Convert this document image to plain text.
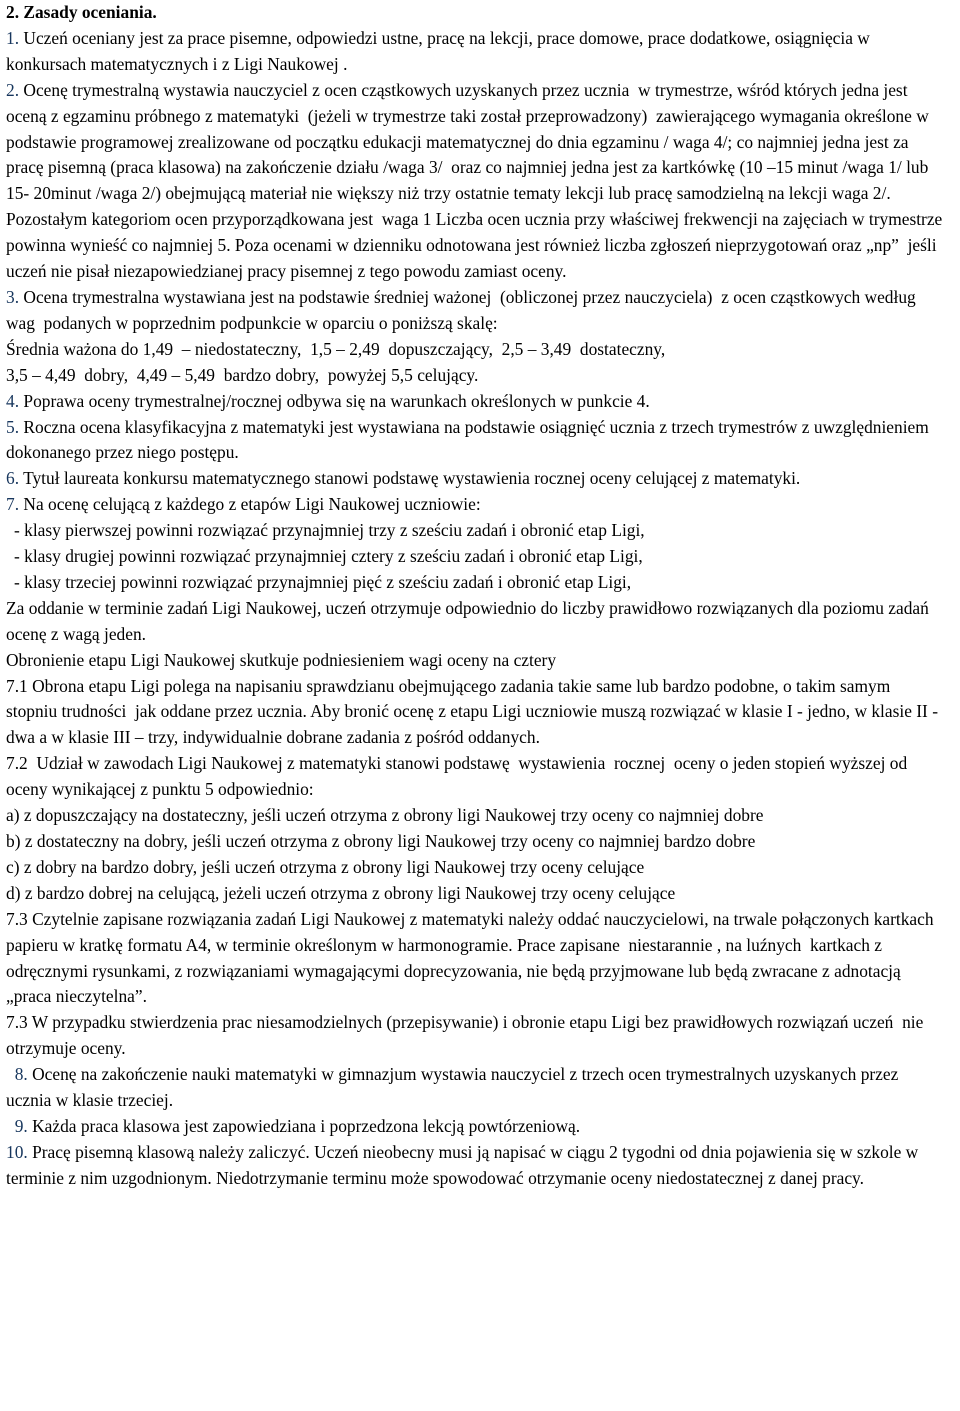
2. Zasady oceniania.

1. Uczeń oceniany jest za prace pisemne, odpowiedzi ustne, pracę na lekcji, prace domowe, prace dodatkowe, osiągnięcia w konkursach matematycznych i z Ligi Naukowej .

2. Ocenę trymestralną wystawia nauczyciel z ocen cząstkowych uzyskanych przez ucznia  w trymestrze, wśród których jedna jest oceną z egzaminu próbnego z matematyki  (jeżeli w trymestrze taki został przeprowadzony)  zawierającego wymagania określone w podstawie programowej zrealizowane od początku edukacji matematycznej do dnia egzaminu / waga 4/; co najmniej jedna jest za pracę pisemną (praca klasowa) na zakończenie działu /waga 3/  oraz co najmniej jedna jest za kartkówkę (10 –15 minut /waga 1/ lub 15- 20minut /waga 2/) obejmującą materiał nie większy niż trzy ostatnie tematy lekcji lub pracę samodzielną na lekcji waga 2/. Pozostałym kategoriom ocen przyporządkowana jest  waga 1 Liczba ocen ucznia przy właściwej frekwencji na zajęciach w trymestrze powinna wynieść co najmniej 5. Poza ocenami w dzienniku odnotowana jest również liczba zgłoszeń nieprzygotowań oraz „np”  jeśli uczeń nie pisał niezapowiedzianej pracy pisemnej z tego powodu zamiast oceny.

3. Ocena trymestralna wystawiana jest na podstawie średniej ważonej  (obliczonej przez nauczyciela)  z ocen cząstkowych według wag  podanych w poprzednim podpunkcie w oparciu o poniższą skalę:

Średnia ważona do 1,49  – niedostateczny,  1,5 – 2,49  dopuszczający,  2,5 – 3,49  dostateczny,

3,5 – 4,49  dobry,  4,49 – 5,49  bardzo dobry,  powyżej 5,5 celujący.

4. Poprawa oceny trymestralnej/rocznej odbywa się na warunkach określonych w punkcie 4.

5. Roczna ocena klasyfikacyjna z matematyki jest wystawiana na podstawie osiągnięć ucznia z trzech trymestrów z uwzględnieniem dokonanego przez niego postępu.

6. Tytuł laureata konkursu matematycznego stanowi podstawę wystawienia rocznej oceny celującej z matematyki.

7. Na ocenę celującą z każdego z etapów Ligi Naukowej uczniowie:

- klasy pierwszej powinni rozwiązać przynajmniej trzy z sześciu zadań i obronić etap Ligi,

- klasy drugiej powinni rozwiązać przynajmniej cztery z sześciu zadań i obronić etap Ligi,

- klasy trzeciej powinni rozwiązać przynajmniej pięć z sześciu zadań i obronić etap Ligi,

Za oddanie w terminie zadań Ligi Naukowej, uczeń otrzymuje odpowiednio do liczby prawidłowo rozwiązanych dla poziomu zadań ocenę z wagą jeden.

Obronienie etapu Ligi Naukowej skutkuje podniesieniem wagi oceny na cztery

7.1 Obrona etapu Ligi polega na napisaniu sprawdzianu obejmującego zadania takie same lub bardzo podobne, o takim samym stopniu trudności  jak oddane przez ucznia. Aby bronić ocenę z etapu Ligi uczniowie muszą rozwiązać w klasie I - jedno, w klasie II - dwa a w klasie III – trzy, indywidualnie dobrane zadania z pośród oddanych.

7.2  Udział w zawodach Ligi Naukowej z matematyki stanowi podstawę  wystawienia  rocznej  oceny o jeden stopień wyższej od oceny wynikającej z punktu 5 odpowiednio:

a) z dopuszczający na dostateczny, jeśli uczeń otrzyma z obrony ligi Naukowej trzy oceny co najmniej dobre

b) z dostateczny na dobry, jeśli uczeń otrzyma z obrony ligi Naukowej trzy oceny co najmniej bardzo dobre

c) z dobry na bardzo dobry, jeśli uczeń otrzyma z obrony ligi Naukowej trzy oceny celujące

d) z bardzo dobrej na celującą, jeżeli uczeń otrzyma z obrony ligi Naukowej trzy oceny celujące

7.3 Czytelnie zapisane rozwiązania zadań Ligi Naukowej z matematyki należy oddać nauczycielowi, na trwale połączonych kartkach papieru w kratkę formatu A4, w terminie określonym w harmonogramie. Prace zapisane  niestarannie , na luźnych  kartkach z odręcznymi rysunkami, z rozwiązaniami wymagającymi doprecyzowania, nie będą przyjmowane lub będą zwracane z adnotacją „praca nieczytelna”.

7.3 W przypadku stwierdzenia prac niesamodzielnych (przepisywanie) i obronie etapu Ligi bez prawidłowych rozwiązań uczeń  nie otrzymuje oceny.

8. Ocenę na zakończenie nauki matematyki w gimnazjum wystawia nauczyciel z trzech ocen trymestralnych uzyskanych przez ucznia w klasie trzeciej.

9. Każda praca klasowa jest zapowiedziana i poprzedzona lekcją powtórzeniową.

10. Pracę pisemną klasową należy zaliczyć. Uczeń nieobecny musi ją napisać w ciągu 2 tygodni od dnia pojawienia się w szkole w terminie z nim uzgodnionym. Niedotrzymanie terminu może spowodować otrzymanie oceny niedostatecznej z danej pracy.
